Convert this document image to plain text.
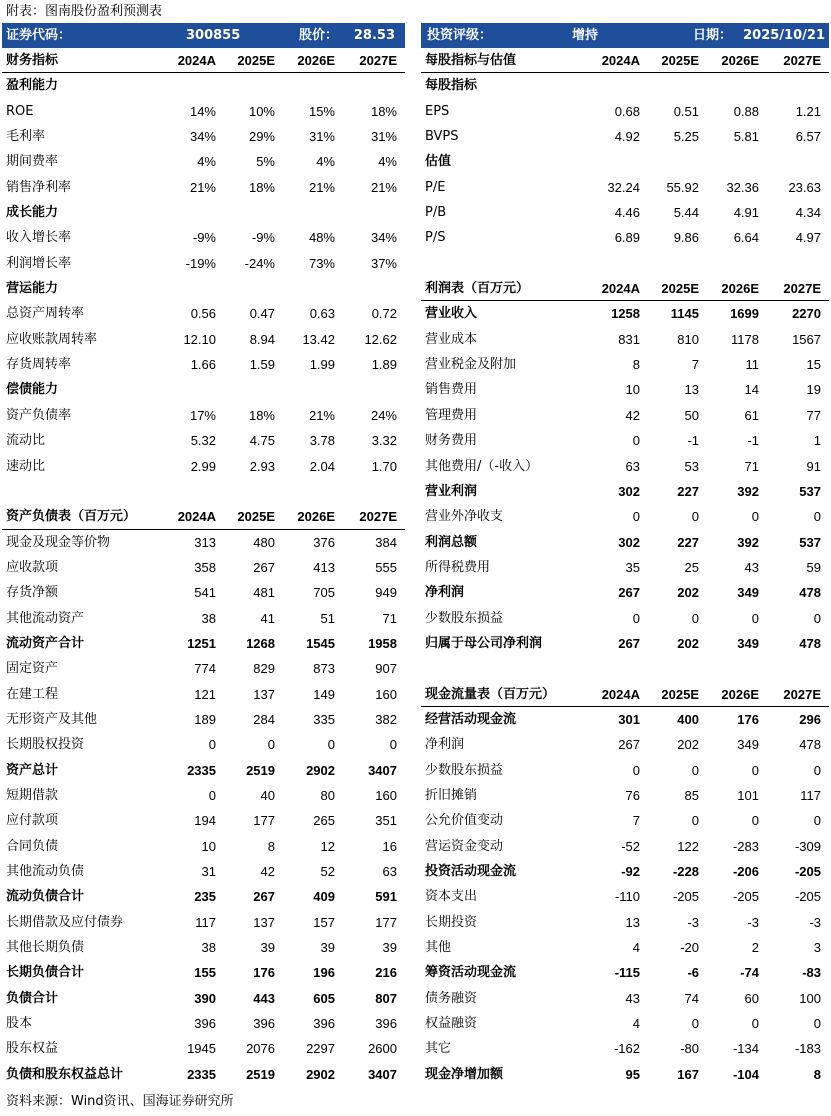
附表：图南股份盈利预测表
证券代码：	300855	股价： 28.53 投资评级：	增持	日期： 2025/10/21
财务指标	2024A 2025E 2026E 2027E
盈利能力
ROE	14%	10%	15%	18%
毛利率	34%	29%	31%	31%
期间费率	4%	5%	4%	4%
销售净利率	21%	18%	21%	21%
成长能力
收入增长率	-9%	-9%	48%	34%
利润增长率	-19% -24%	73%	37%
营运能力
总资产周转率	0.56	0.47	0.63	0.72
应收账款周转率	12.10	8.94 13.42 12.62
存货周转率	1.66	1.59	1.99	1.89
偿债能力
资产负债率	17%	18%	21%	24%
流动比	5.32	4.75	3.78	3.32
速动比	2.99	2.93	2.04	1.70
资产负债表（百万元）	2024A 2025E 2026E 2027E
现金及现金等价物	313	480	376	384
应收款项	358	267	413	555
存货净额	541	481	705	949
其他流动资产	38	41	51	71
流动资产合计	1251 1268 1545	1958
固定资产	774	829	873	907
在建工程	121	137	149	160
无形资产及其他	189	284	335	382
长期股权投资	0	0	0	0
资产总计	2335 2519 2902	3407
短期借款	0	40	80	160
应付款项	194	177	265	351
合同负债	10	8	12	16
其他流动负债	31	42	52	63
流动负债合计	235	267	409	591
长期借款及应付债券	117	137	157	177
其他长期负债	38	39	39	39
长期负债合计	155	176	196	216
负债合计	390	443	605	807
股本	396	396	396	396
股东权益	1945 2076 2297	2600
负债和股东权益总计	2335 2519 2902	3407
每股指标与估值	2024A 2025E 2026E 2027E
每股指标
EPS	0.68	0.51	0.88	1.21
BVPS	4.92	5.25	5.81	6.57
估值
P/E	32.24 55.92 32.36 23.63
P/B	4.46	5.44	4.91	4.34
P/S	6.89	9.86	6.64	4.97
利润表（百万元）	2024A 2025E 2026E 2027E
营业收入	1258 1145 1699	2270
营业成本	831	810 1178	1567
营业税金及附加	8	7	11	15
销售费用	10	13	14	19
管理费用	42	50	61	77
财务费用	0	-1	-1	1
其他费用/（-收入）	63	53	71	91
营业利润	302	227	392	537
营业外净收支	0	0	0	0
利润总额	302	227	392	537
所得税费用	35	25	43	59
净利润	267	202	349	478
少数股东损益	0	0	0	0
归属于母公司净利润	267	202	349	478
现金流量表（百万元）	2024A 2025E 2026E 2027E
经营活动现金流	301	400	176	296
净利润	267	202	349	478
少数股东损益	0	0	0	0
折旧摊销	76	85	101	117
公允价值变动	7	0	0	0
营运资金变动	-52	122	-283	-309
投资活动现金流	-92	-228	-206	-205
资本支出	-110	-205	-205	-205
长期投资	13	-3	-3	-3
其他	4	-20	2	3
筹资活动现金流	-115	-6	-74	-83
债务融资	43	74	60	100
权益融资	4	0	0	0
其它	-162	-80	-134	-183
现金净增加额	95	167	-104	8
资料来源：Wind资讯、国海证券研究所
